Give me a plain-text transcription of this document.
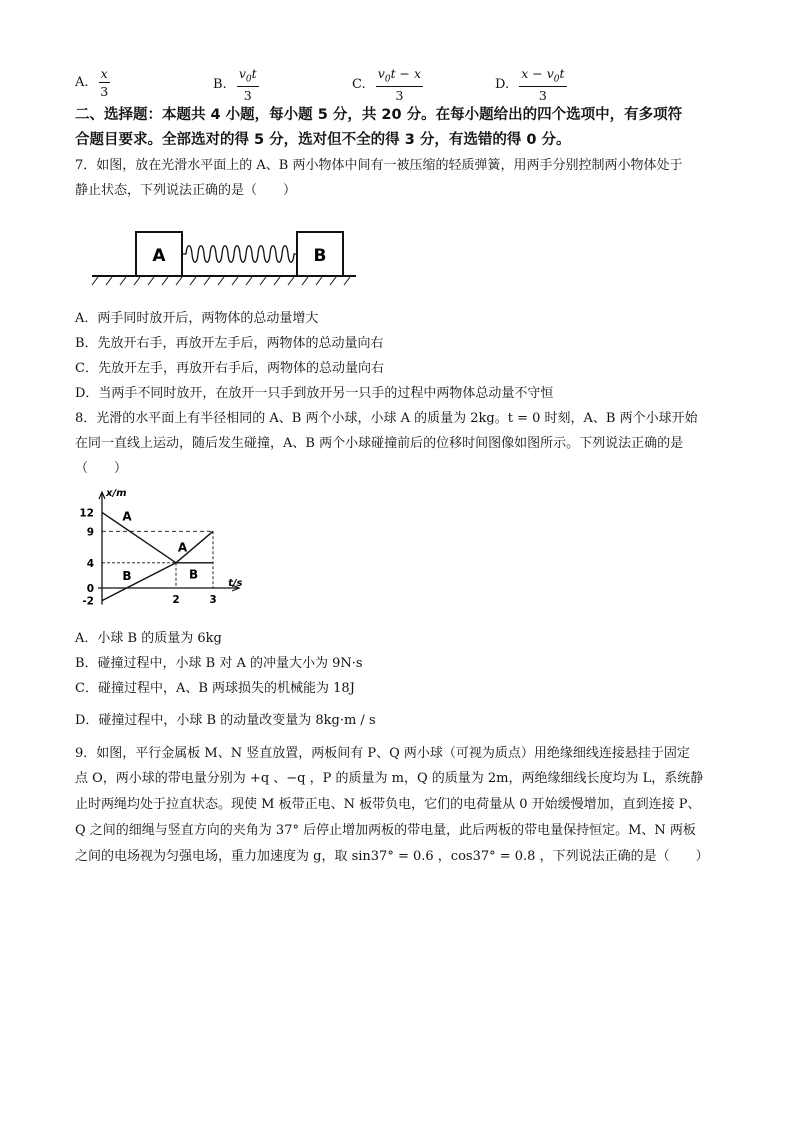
A. $\frac{x}{3}$	B. $\frac{v_0t}{3}$	C. $\frac{v_0t - x}{3}$	D. $\frac{x - v_0t}{3}$
二、选择题：本题共 4 小题，每小题 5 分，共 20 分。在每小题给出的四个选项中，有多项符
合题目要求。全部选对的得 5 分，选对但不全的得 3 分，有选错的得 0 分。
7．如图，放在光滑水平面上的 A、B 两小物体中间有一被压缩的轻质弹簧，用两手分别控制两小物体处于
静止状态，下列说法正确的是（　　）
A	B
A．两手同时放开后，两物体的总动量增大
B．先放开右手，再放开左手后，两物体的总动量向右
C．先放开左手，再放开右手后，两物体的总动量向右
D．当两手不同时放开，在放开一只手到放开另一只手的过程中两物体总动量不守恒
8．光滑的水平面上有半径相同的 A、B 两个小球，小球 A 的质量为 2kg。t = 0 时刻，A、B 两个小球开始
在同一直线上运动，随后发生碰撞，A、B 两个小球碰撞前后的位移时间图像如图所示。下列说法正确的是
（　　）
x/m
t/s
12
9
4
0
-2	2	3
A
B
A
B
A．小球 B 的质量为 6kg
B．碰撞过程中，小球 B 对 A 的冲量大小为 9N·s
C．碰撞过程中，A、B 两球损失的机械能为 18J
D．碰撞过程中，小球 B 的动量改变量为 8kg·m / s
9．如图，平行金属板 M、N 竖直放置，两板间有 P、Q 两小球（可视为质点）用绝缘细线连接悬挂于固定
点 O，两小球的带电量分别为 +q 、−q ，P 的质量为 m，Q 的质量为 2m，两绝缘细线长度均为 L，系统静
止时两绳均处于拉直状态。现使 M 板带正电、N 板带负电，它们的电荷量从 0 开始缓慢增加，直到连接 P、
Q 之间的细绳与竖直方向的夹角为 37° 后停止增加两板的带电量，此后两板的带电量保持恒定。M、N 两板
之间的电场视为匀强电场，重力加速度为 g，取 sin37° = 0.6 ，cos37° = 0.8 ，下列说法正确的是（　　）
